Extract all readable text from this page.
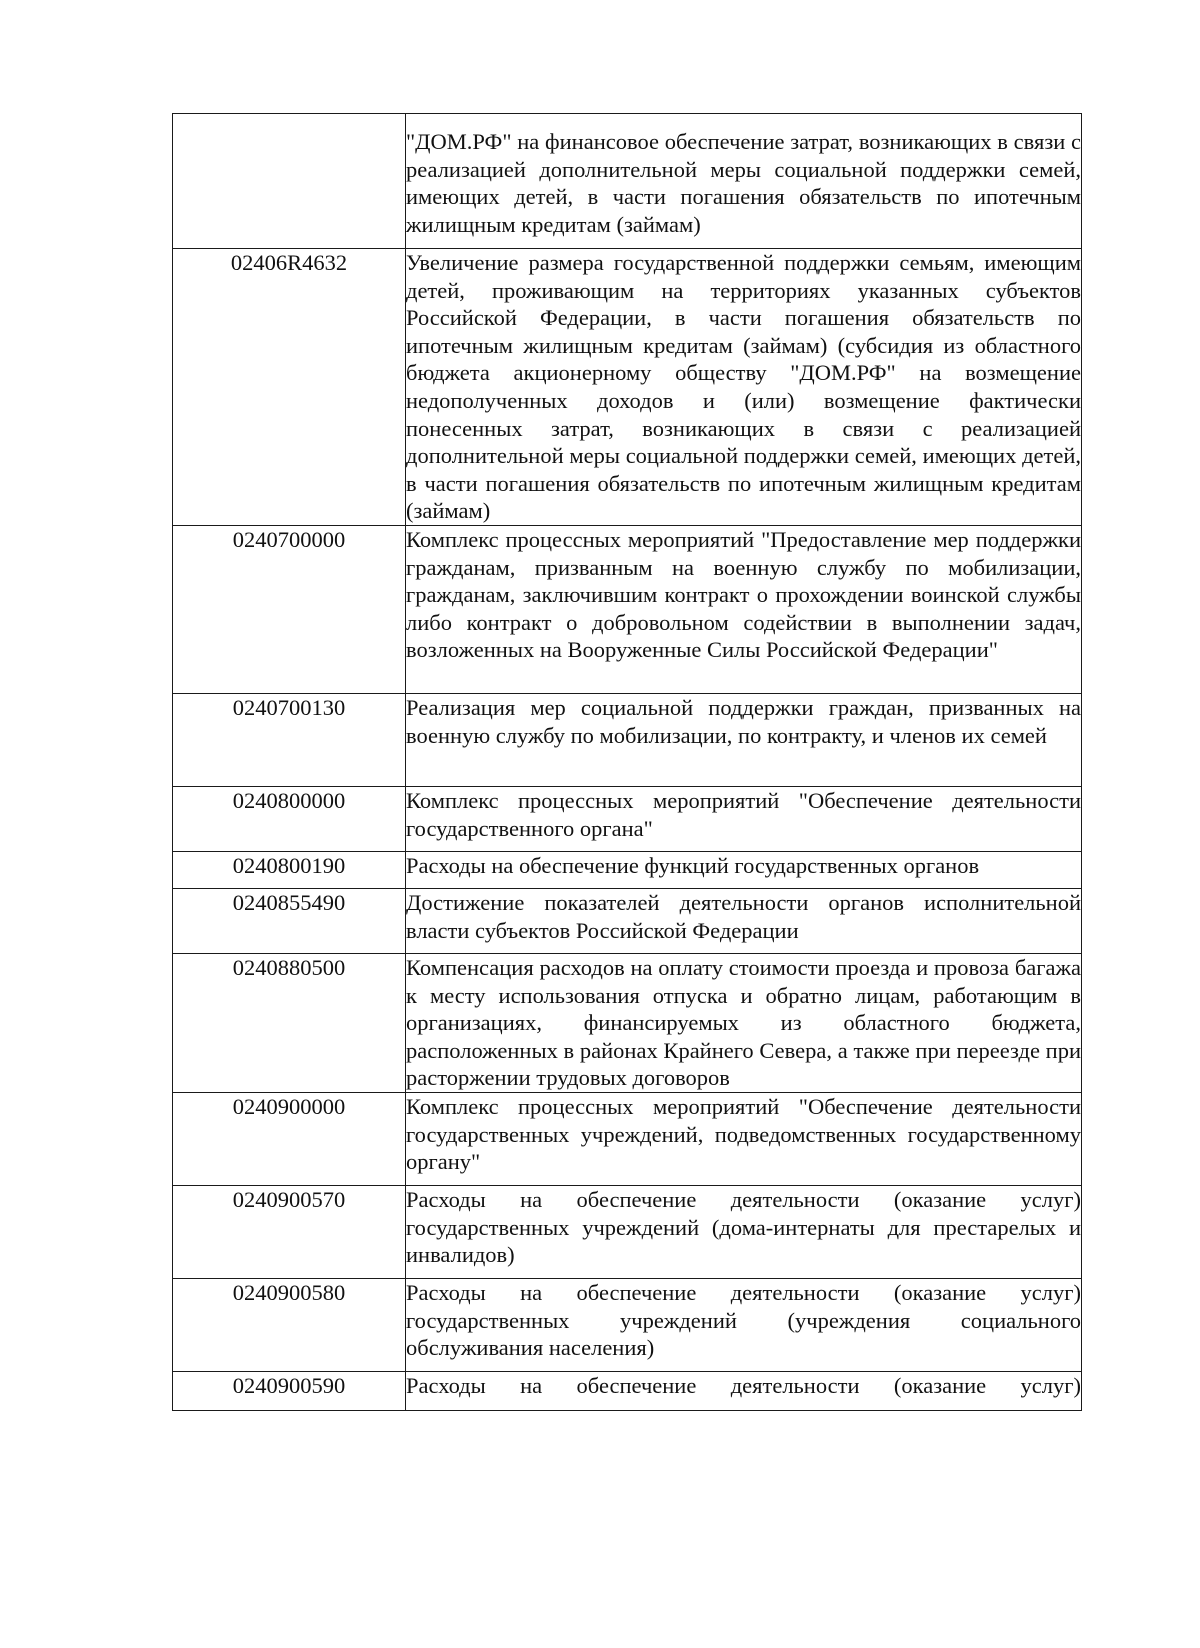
	"ДОМ.РФ" на финансовое обеспечение затрат, возникающих в связи с реализацией дополнительной меры социальной поддержки семей, имеющих детей, в части погашения обязательств по ипотечным жилищным кредитам (займам)
02406R4632	Увеличение размера государственной поддержки семьям, имеющим детей, проживающим на территориях указанных субъектов Российской Федерации, в части погашения обязательств по ипотечным жилищным кредитам (займам) (субсидия из областного бюджета акционерному обществу "ДОМ.РФ" на возмещение недополученных доходов и (или) возмещение фактически понесенных затрат, возникающих в связи с реализацией дополнительной меры социальной поддержки семей, имеющих детей, в части погашения обязательств по ипотечным жилищным кредитам (займам)
0240700000	Комплекс процессных мероприятий "Предоставление мер поддержки гражданам, призванным на военную службу по мобилизации, гражданам, заключившим контракт о прохождении воинской службы либо контракт о добровольном содействии в выполнении задач, возложенных на Вооруженные Силы Российской Федерации"
0240700130	Реализация мер социальной поддержки граждан, призванных на военную службу по мобилизации, по контракту, и членов их семей
0240800000	Комплекс процессных мероприятий "Обеспечение деятельности государственного органа"
0240800190	Расходы на обеспечение функций государственных органов
0240855490	Достижение показателей деятельности органов исполнительной власти субъектов Российской Федерации
0240880500	Компенсация расходов на оплату стоимости проезда и провоза багажа к месту использования отпуска и обратно лицам, работающим в организациях, финансируемых из областного бюджета, расположенных в районах Крайнего Севера, а также при переезде при расторжении трудовых договоров
0240900000	Комплекс процессных мероприятий "Обеспечение деятельности государственных учреждений, подведомственных государственному органу"
0240900570	Расходы на обеспечение деятельности (оказание услуг) государственных учреждений (дома-интернаты для престарелых и инвалидов)
0240900580	Расходы на обеспечение деятельности (оказание услуг) государственных учреждений (учреждения социального обслуживания населения)
0240900590	Расходы на обеспечение деятельности (оказание услуг)
